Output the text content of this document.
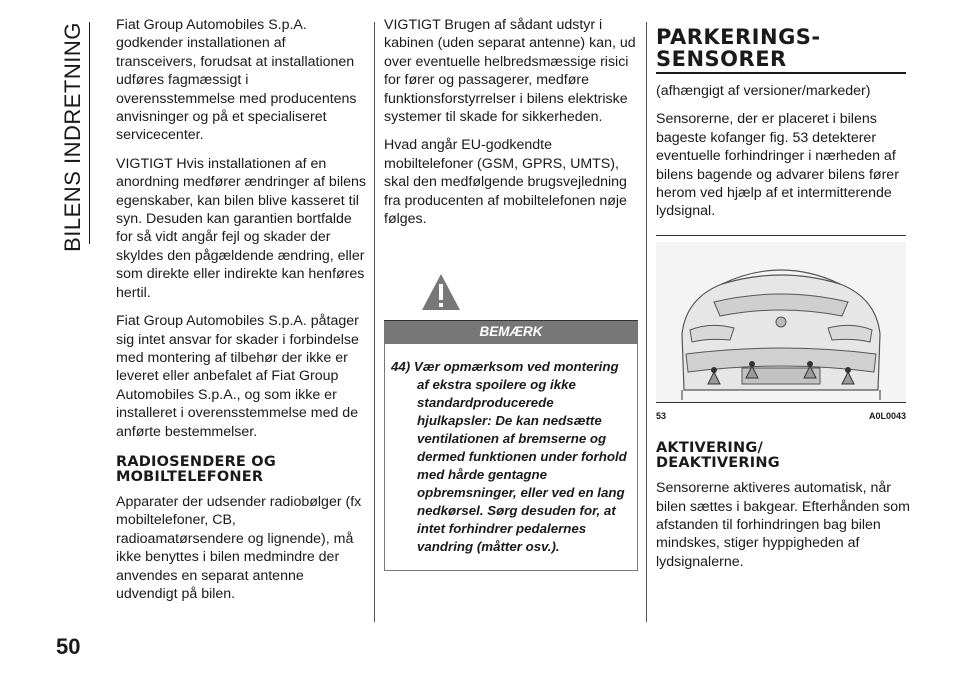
BILENS INDRETNING
50

Fiat Group Automobiles S.p.A. godkender installationen af transceivers, forudsat at installationen udføres fagmæssigt i overensstemmelse med producentens anvisninger og på et specialiseret servicecenter.

VIGTIGT Hvis installationen af en anordning medfører ændringer af bilens egenskaber, kan bilen blive kasseret til syn. Desuden kan garantien bortfalde for så vidt angår fejl og skader der skyldes den pågældende ændring, eller som direkte eller indirekte kan henføres hertil.

Fiat Group Automobiles S.p.A. påtager sig intet ansvar for skader i forbindelse med montering af tilbehør der ikke er leveret eller anbefalet af Fiat Group Automobiles S.p.A., og som ikke er installeret i overensstemmelse med de anførte bestemmelser.

RADIOSENDERE OG MOBILTELEFONER

Apparater der udsender radiobølger (fx mobiltelefoner, CB, radioamatørsendere og lignende), må ikke benyttes i bilen medmindre der anvendes en separat antenne udvendigt på bilen.

VIGTIGT Brugen af sådant udstyr i kabinen (uden separat antenne) kan, ud over eventuelle helbredsmæssige risici for fører og passagerer, medføre funktionsforstyrrelser i bilens elektriske systemer til skade for sikkerheden.

Hvad angår EU-godkendte mobiltelefoner (GSM, GPRS, UMTS), skal den medfølgende brugsvejledning fra producenten af mobiltelefonen nøje følges.

BEMÆRK
44) Vær opmærksom ved montering af ekstra spoilere og ikke standardproducerede hjulkapsler: De kan nedsætte ventilationen af bremserne og dermed funktionen under forhold med hårde gentagne opbremsninger, eller ved en lang nedkørsel. Sørg desuden for, at intet forhindrer pedalernes vandring (måtter osv.).
PARKERINGS-
SENSORER

(afhængigt af versioner/markeder)

Sensorerne, der er placeret i bilens bageste kofanger fig. 53 detekterer eventuelle forhindringer i nærheden af bilens bagende og advarer bilens fører herom ved hjælp af et intermitterende lydsignal.

53	A0L0043
AKTIVERING/
DEAKTIVERING

Sensorerne aktiveres automatisk, når bilen sættes i bakgear. Efterhånden som afstanden til forhindringen bag bilen mindskes, stiger hyppigheden af lydsignalerne.
